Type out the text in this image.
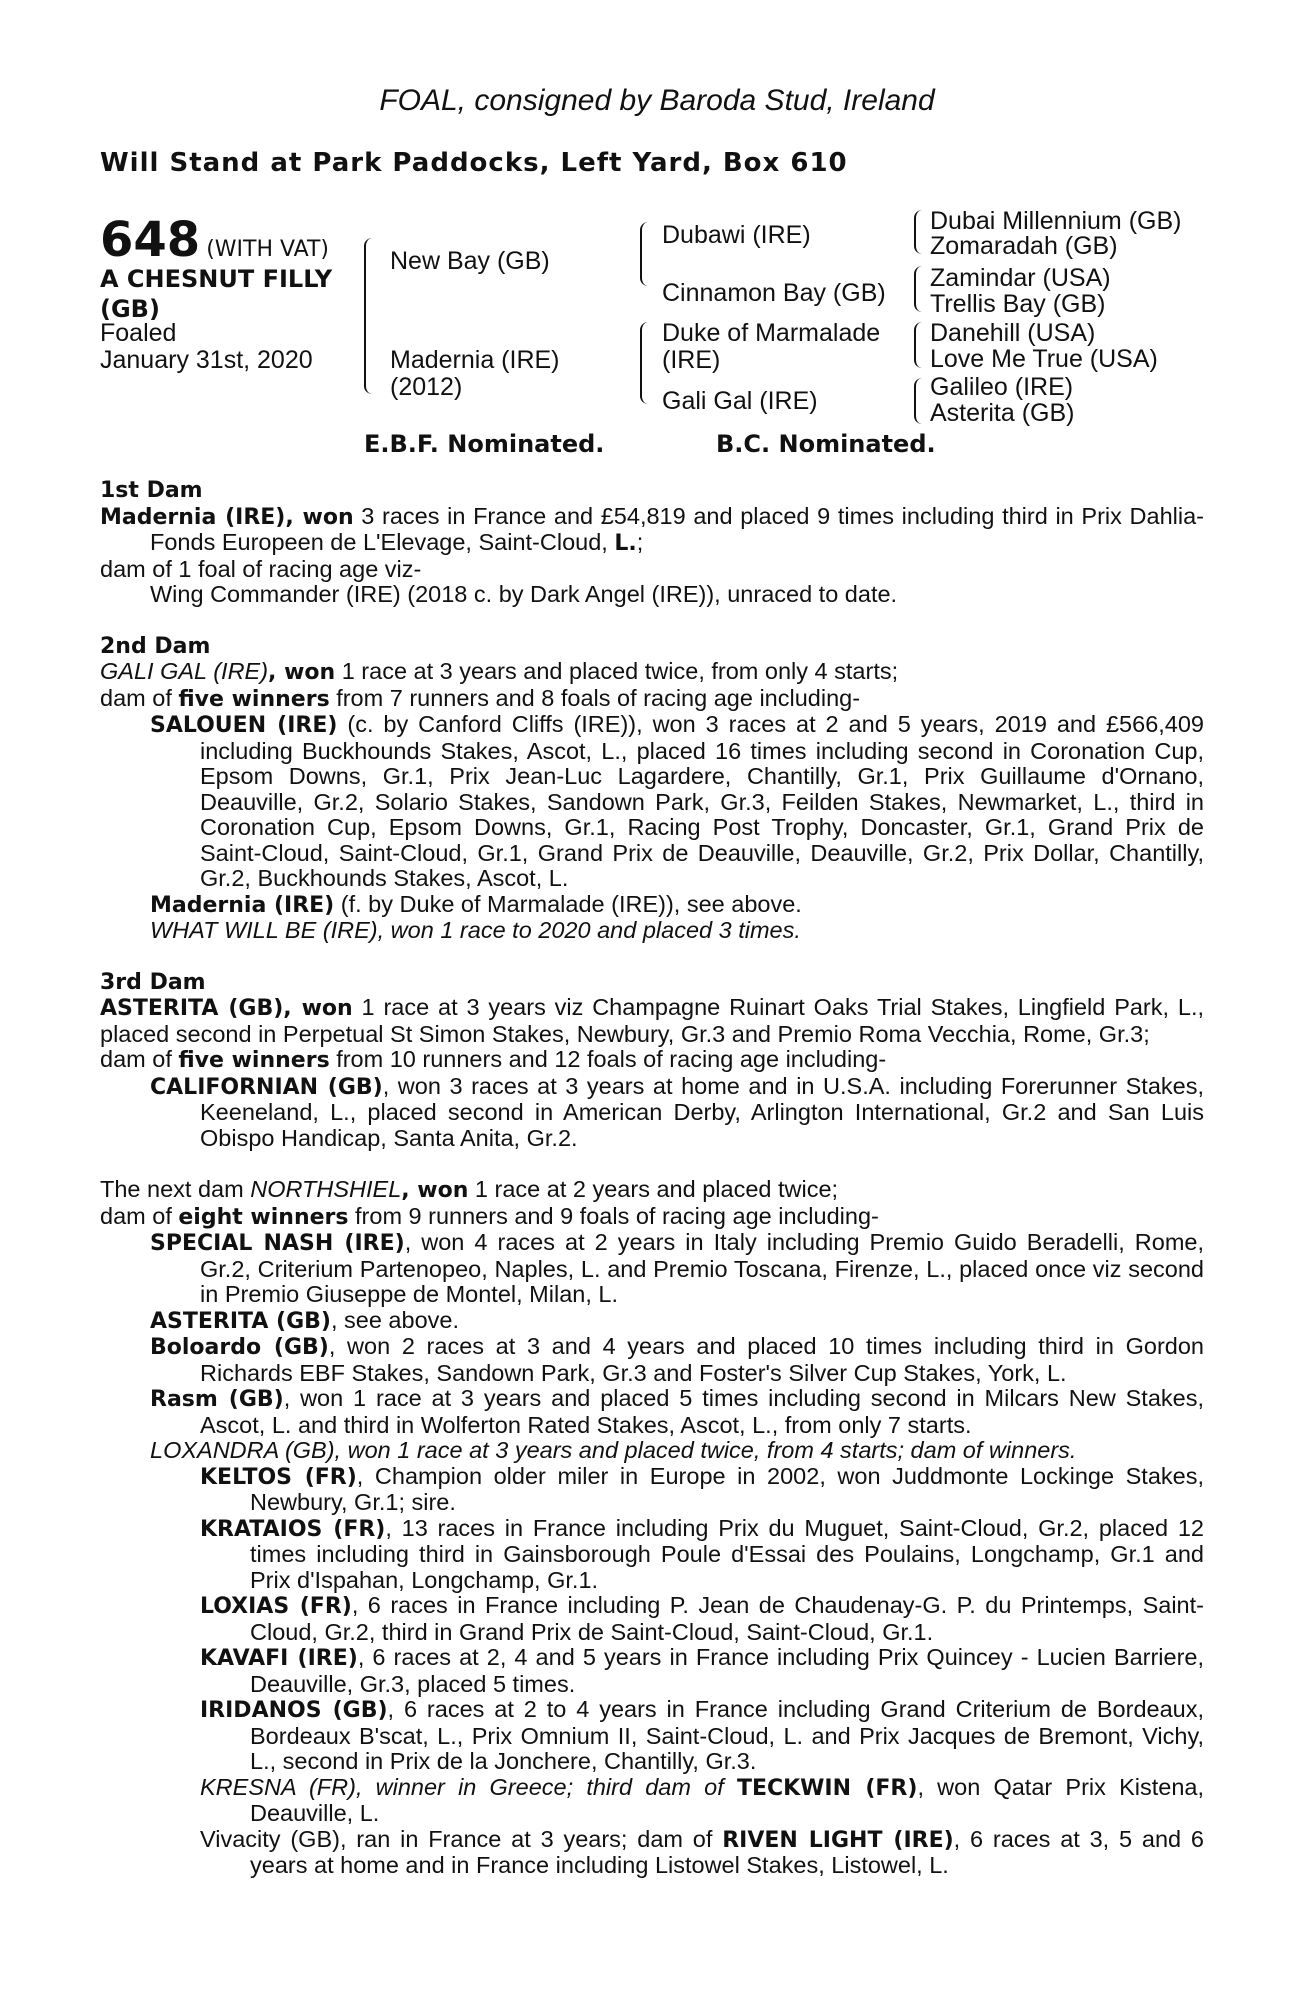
FOAL, consigned by Baroda Stud, Ireland
Will Stand at Park Paddocks, Left Yard, Box 610
648 (WITH VAT)
A CHESNUT FILLY
(GB)
Foaled
January 31st, 2020
New Bay (GB)
Madernia (IRE)
(2012)
Dubawi (IRE)
Cinnamon Bay (GB)
Duke of Marmalade
(IRE)
Gali Gal (IRE)
Dubai Millennium (GB)
Zomaradah (GB)
Zamindar (USA)
Trellis Bay (GB)
Danehill (USA)
Love Me True (USA)
Galileo (IRE)
Asterita (GB)
E.B.F. Nominated.	B.C. Nominated.

1st Dam

Madernia (IRE), won 3 races in France and £54,819 and placed 9 times including third in Prix Dahlia-Fonds Europeen de L'Elevage, Saint-Cloud, L.;

dam of 1 foal of racing age viz-

Wing Commander (IRE) (2018 c. by Dark Angel (IRE)), unraced to date.

2nd Dam

GALI GAL (IRE), won 1 race at 3 years and placed twice, from only 4 starts;

dam of five winners from 7 runners and 8 foals of racing age including-

SALOUEN (IRE) (c. by Canford Cliffs (IRE)), won 3 races at 2 and 5 years, 2019 and £566,409 including Buckhounds Stakes, Ascot, L., placed 16 times including second in Coronation Cup, Epsom Downs, Gr.1, Prix Jean-Luc Lagardere, Chantilly, Gr.1, Prix Guillaume d'Ornano, Deauville, Gr.2, Solario Stakes, Sandown Park, Gr.3, Feilden Stakes, Newmarket, L., third in Coronation Cup, Epsom Downs, Gr.1, Racing Post Trophy, Doncaster, Gr.1, Grand Prix de Saint-Cloud, Saint-Cloud, Gr.1, Grand Prix de Deauville, Deauville, Gr.2, Prix Dollar, Chantilly, Gr.2, Buckhounds Stakes, Ascot, L.

Madernia (IRE) (f. by Duke of Marmalade (IRE)), see above.

WHAT WILL BE (IRE), won 1 race to 2020 and placed 3 times.

3rd Dam

ASTERITA (GB), won 1 race at 3 years viz Champagne Ruinart Oaks Trial Stakes, Lingfield Park, L., placed second in Perpetual St Simon Stakes, Newbury, Gr.3 and Premio Roma Vecchia, Rome, Gr.3;

dam of five winners from 10 runners and 12 foals of racing age including-

CALIFORNIAN (GB), won 3 races at 3 years at home and in U.S.A. including Forerunner Stakes, Keeneland, L., placed second in American Derby, Arlington International, Gr.2 and San Luis Obispo Handicap, Santa Anita, Gr.2.

The next dam NORTHSHIEL, won 1 race at 2 years and placed twice;

dam of eight winners from 9 runners and 9 foals of racing age including-

SPECIAL NASH (IRE), won 4 races at 2 years in Italy including Premio Guido Beradelli, Rome, Gr.2, Criterium Partenopeo, Naples, L. and Premio Toscana, Firenze, L., placed once viz second in Premio Giuseppe de Montel, Milan, L.

ASTERITA (GB), see above.

Boloardo (GB), won 2 races at 3 and 4 years and placed 10 times including third in Gordon Richards EBF Stakes, Sandown Park, Gr.3 and Foster's Silver Cup Stakes, York, L.

Rasm (GB), won 1 race at 3 years and placed 5 times including second in Milcars New Stakes, Ascot, L. and third in Wolferton Rated Stakes, Ascot, L., from only 7 starts.

LOXANDRA (GB), won 1 race at 3 years and placed twice, from 4 starts; dam of winners.

KELTOS (FR), Champion older miler in Europe in 2002, won Juddmonte Lockinge Stakes, Newbury, Gr.1; sire.

KRATAIOS (FR), 13 races in France including Prix du Muguet, Saint-Cloud, Gr.2, placed 12 times including third in Gainsborough Poule d'Essai des Poulains, Longchamp, Gr.1 and Prix d'Ispahan, Longchamp, Gr.1.

LOXIAS (FR), 6 races in France including P. Jean de Chaudenay-G. P. du Printemps, Saint-Cloud, Gr.2, third in Grand Prix de Saint-Cloud, Saint-Cloud, Gr.1.

KAVAFI (IRE), 6 races at 2, 4 and 5 years in France including Prix Quincey - Lucien Barriere, Deauville, Gr.3, placed 5 times.

IRIDANOS (GB), 6 races at 2 to 4 years in France including Grand Criterium de Bordeaux, Bordeaux B'scat, L., Prix Omnium II, Saint-Cloud, L. and Prix Jacques de Bremont, Vichy, L., second in Prix de la Jonchere, Chantilly, Gr.3.

KRESNA (FR), winner in Greece; third dam of TECKWIN (FR), won Qatar Prix Kistena, Deauville, L.

Vivacity (GB), ran in France at 3 years; dam of RIVEN LIGHT (IRE), 6 races at 3, 5 and 6 years at home and in France including Listowel Stakes, Listowel, L.
